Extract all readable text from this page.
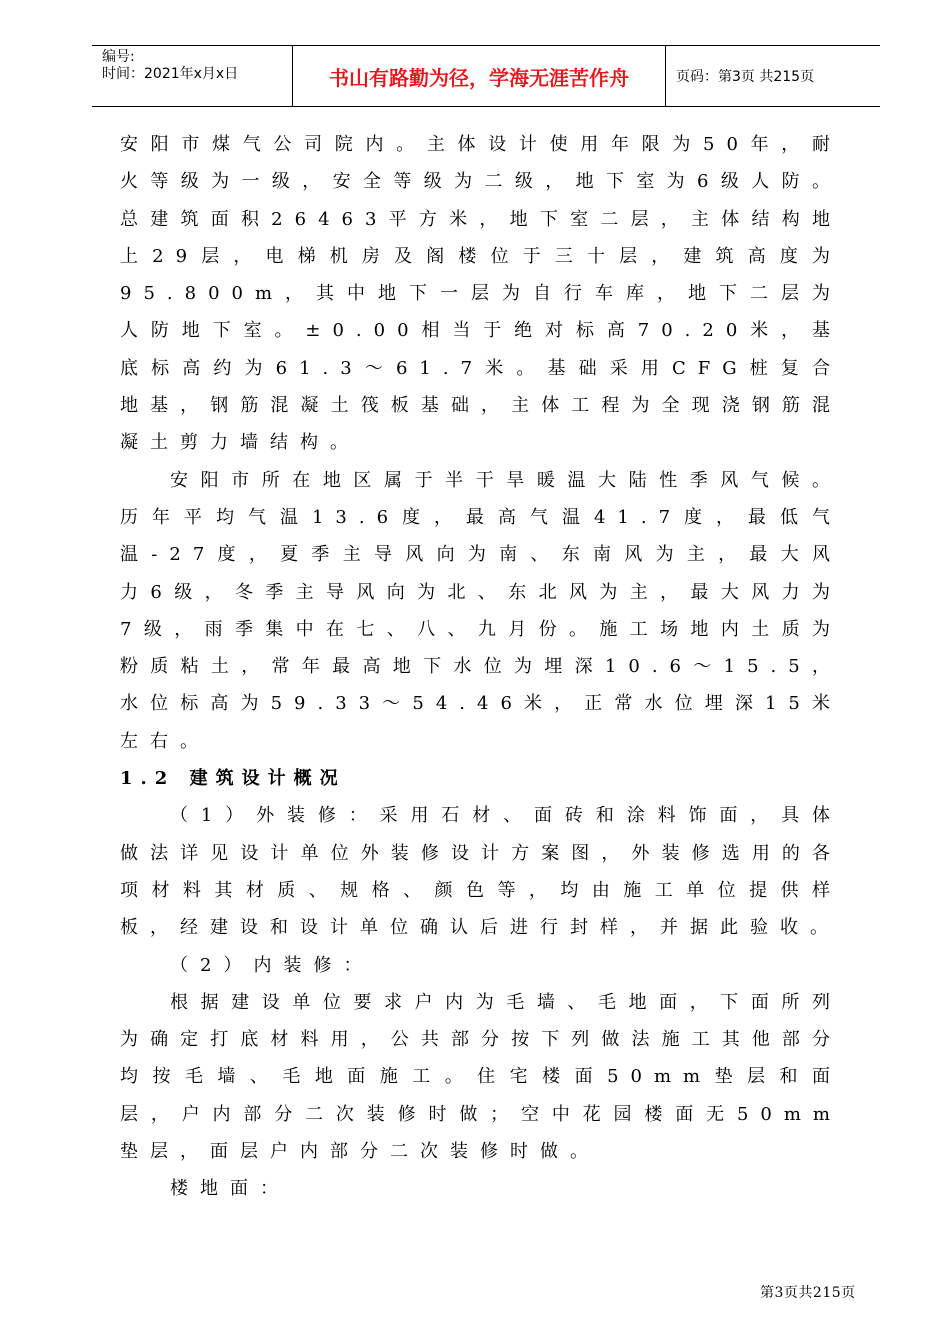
编号:
时间：2021年x月x日	书山有路勤为径，学海无涯苦作舟	页码：第3页 共215页

安阳市煤气公司院内。主体设计使用年限为50年，耐火等级为一级，安全等级为二级，地下室为6级人防。总建筑面积26463平方米，地下室二层，主体结构地上29层，电梯机房及阁楼位于三十层，建筑高度为95.800m，其中地下一层为自行车库，地下二层为人防地下室。±0.00相当于绝对标高70.20米，基底标高约为61.3～61.7米。基础采用CFG桩复合地基，钢筋混凝土筏板基础，主体工程为全现浇钢筋混凝土剪力墙结构。

安阳市所在地区属于半干旱暖温大陆性季风气候。历年平均气温13.6度，最高气温41.7度，最低气温-27度，夏季主导风向为南、东南风为主，最大风力6级，冬季主导风向为北、东北风为主，最大风力为7级，雨季集中在七、八、九月份。施工场地内土质为粉质粘土，常年最高地下水位为埋深10.6～15.5，水位标高为59.33～54.46米，正常水位埋深15米左右。

1.2 建筑设计概况

（1）外装修：采用石材、面砖和涂料饰面，具体做法详见设计单位外装修设计方案图，外装修选用的各项材料其材质、规格、颜色等，均由施工单位提供样板，经建设和设计单位确认后进行封样，并据此验收。

（2）内装修：

根据建设单位要求户内为毛墙、毛地面，下面所列为确定打底材料用，公共部分按下列做法施工其他部分均按毛墙、毛地面施工。住宅楼面50mm垫层和面层，户内部分二次装修时做；空中花园楼面无50mm垫层，面层户内部分二次装修时做。

楼地面：

第3页共215页
